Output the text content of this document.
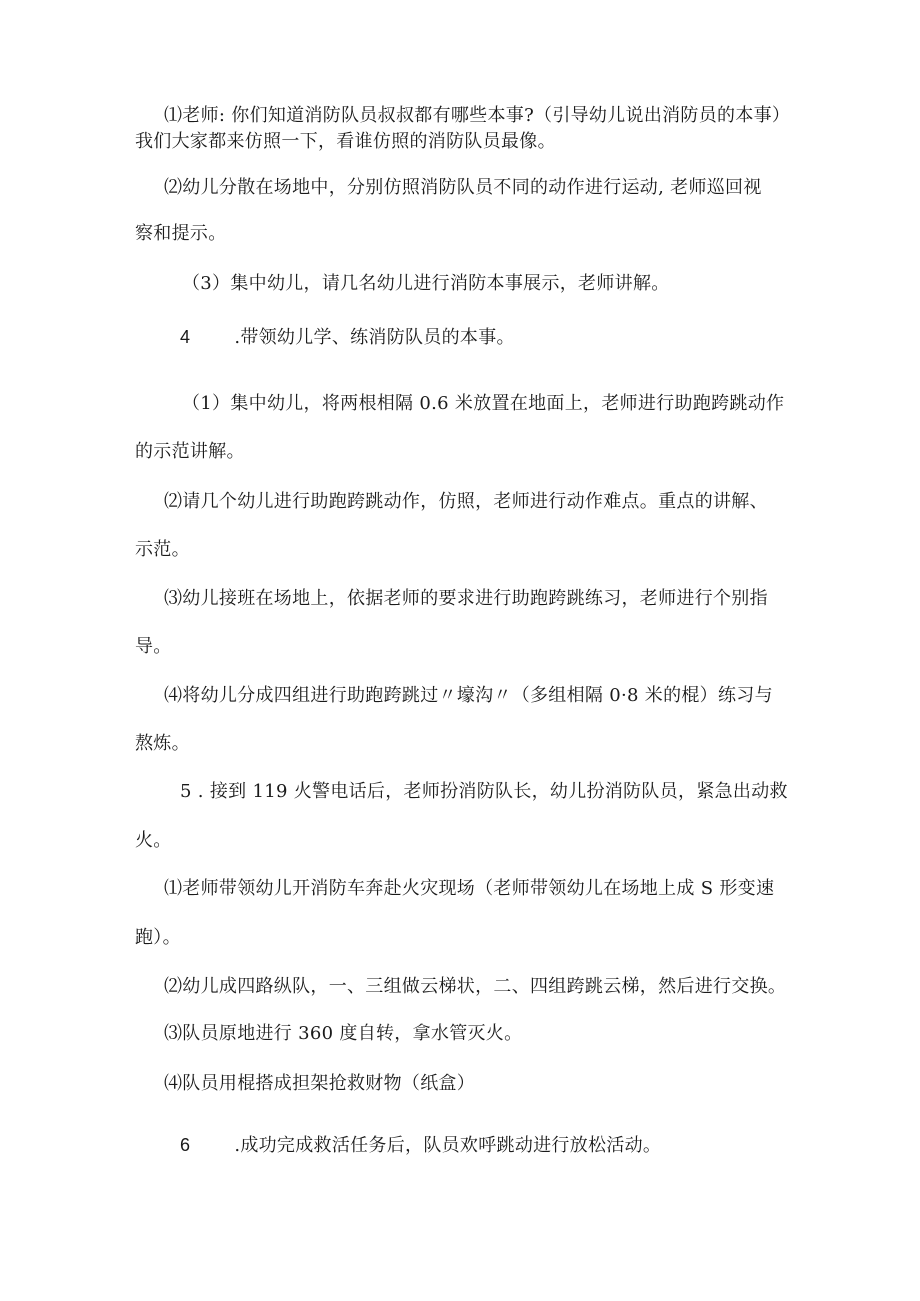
⑴老师: 你们知道消防队员叔叔都有哪些本事?（引导幼儿说出消防员的本事）
我们大家都来仿照一下，看谁仿照的消防队员最像。
⑵幼儿分散在场地中，分别仿照消防队员不同的动作进行运动, 老师巡回视
察和提示。
（3）集中幼儿，请几名幼儿进行消防本事展示，老师讲解。
4 .带领幼儿学、练消防队员的本事。
（1）集中幼儿，将两根相隔 0.6 米放置在地面上，老师进行助跑跨跳动作
的示范讲解。
⑵请几个幼儿进行助跑跨跳动作，仿照，老师进行动作难点。重点的讲解、
示范。
⑶幼儿接班在场地上，依据老师的要求进行助跑跨跳练习，老师进行个别指
导。
⑷将幼儿分成四组进行助跑跨跳过〃壕沟〃（多组相隔 0·8 米的棍）练习与
熬炼。
5 . 接到 119 火警电话后，老师扮消防队长，幼儿扮消防队员，紧急出动救
火。
⑴老师带领幼儿开消防车奔赴火灾现场（老师带领幼儿在场地上成 S 形变速
跑）。
⑵幼儿成四路纵队，一、三组做云梯状，二、四组跨跳云梯，然后进行交换。
⑶队员原地进行 360 度自转，拿水管灭火。
⑷队员用棍搭成担架抢救财物（纸盒）
6 .成功完成救活任务后，队员欢呼跳动进行放松活动。
